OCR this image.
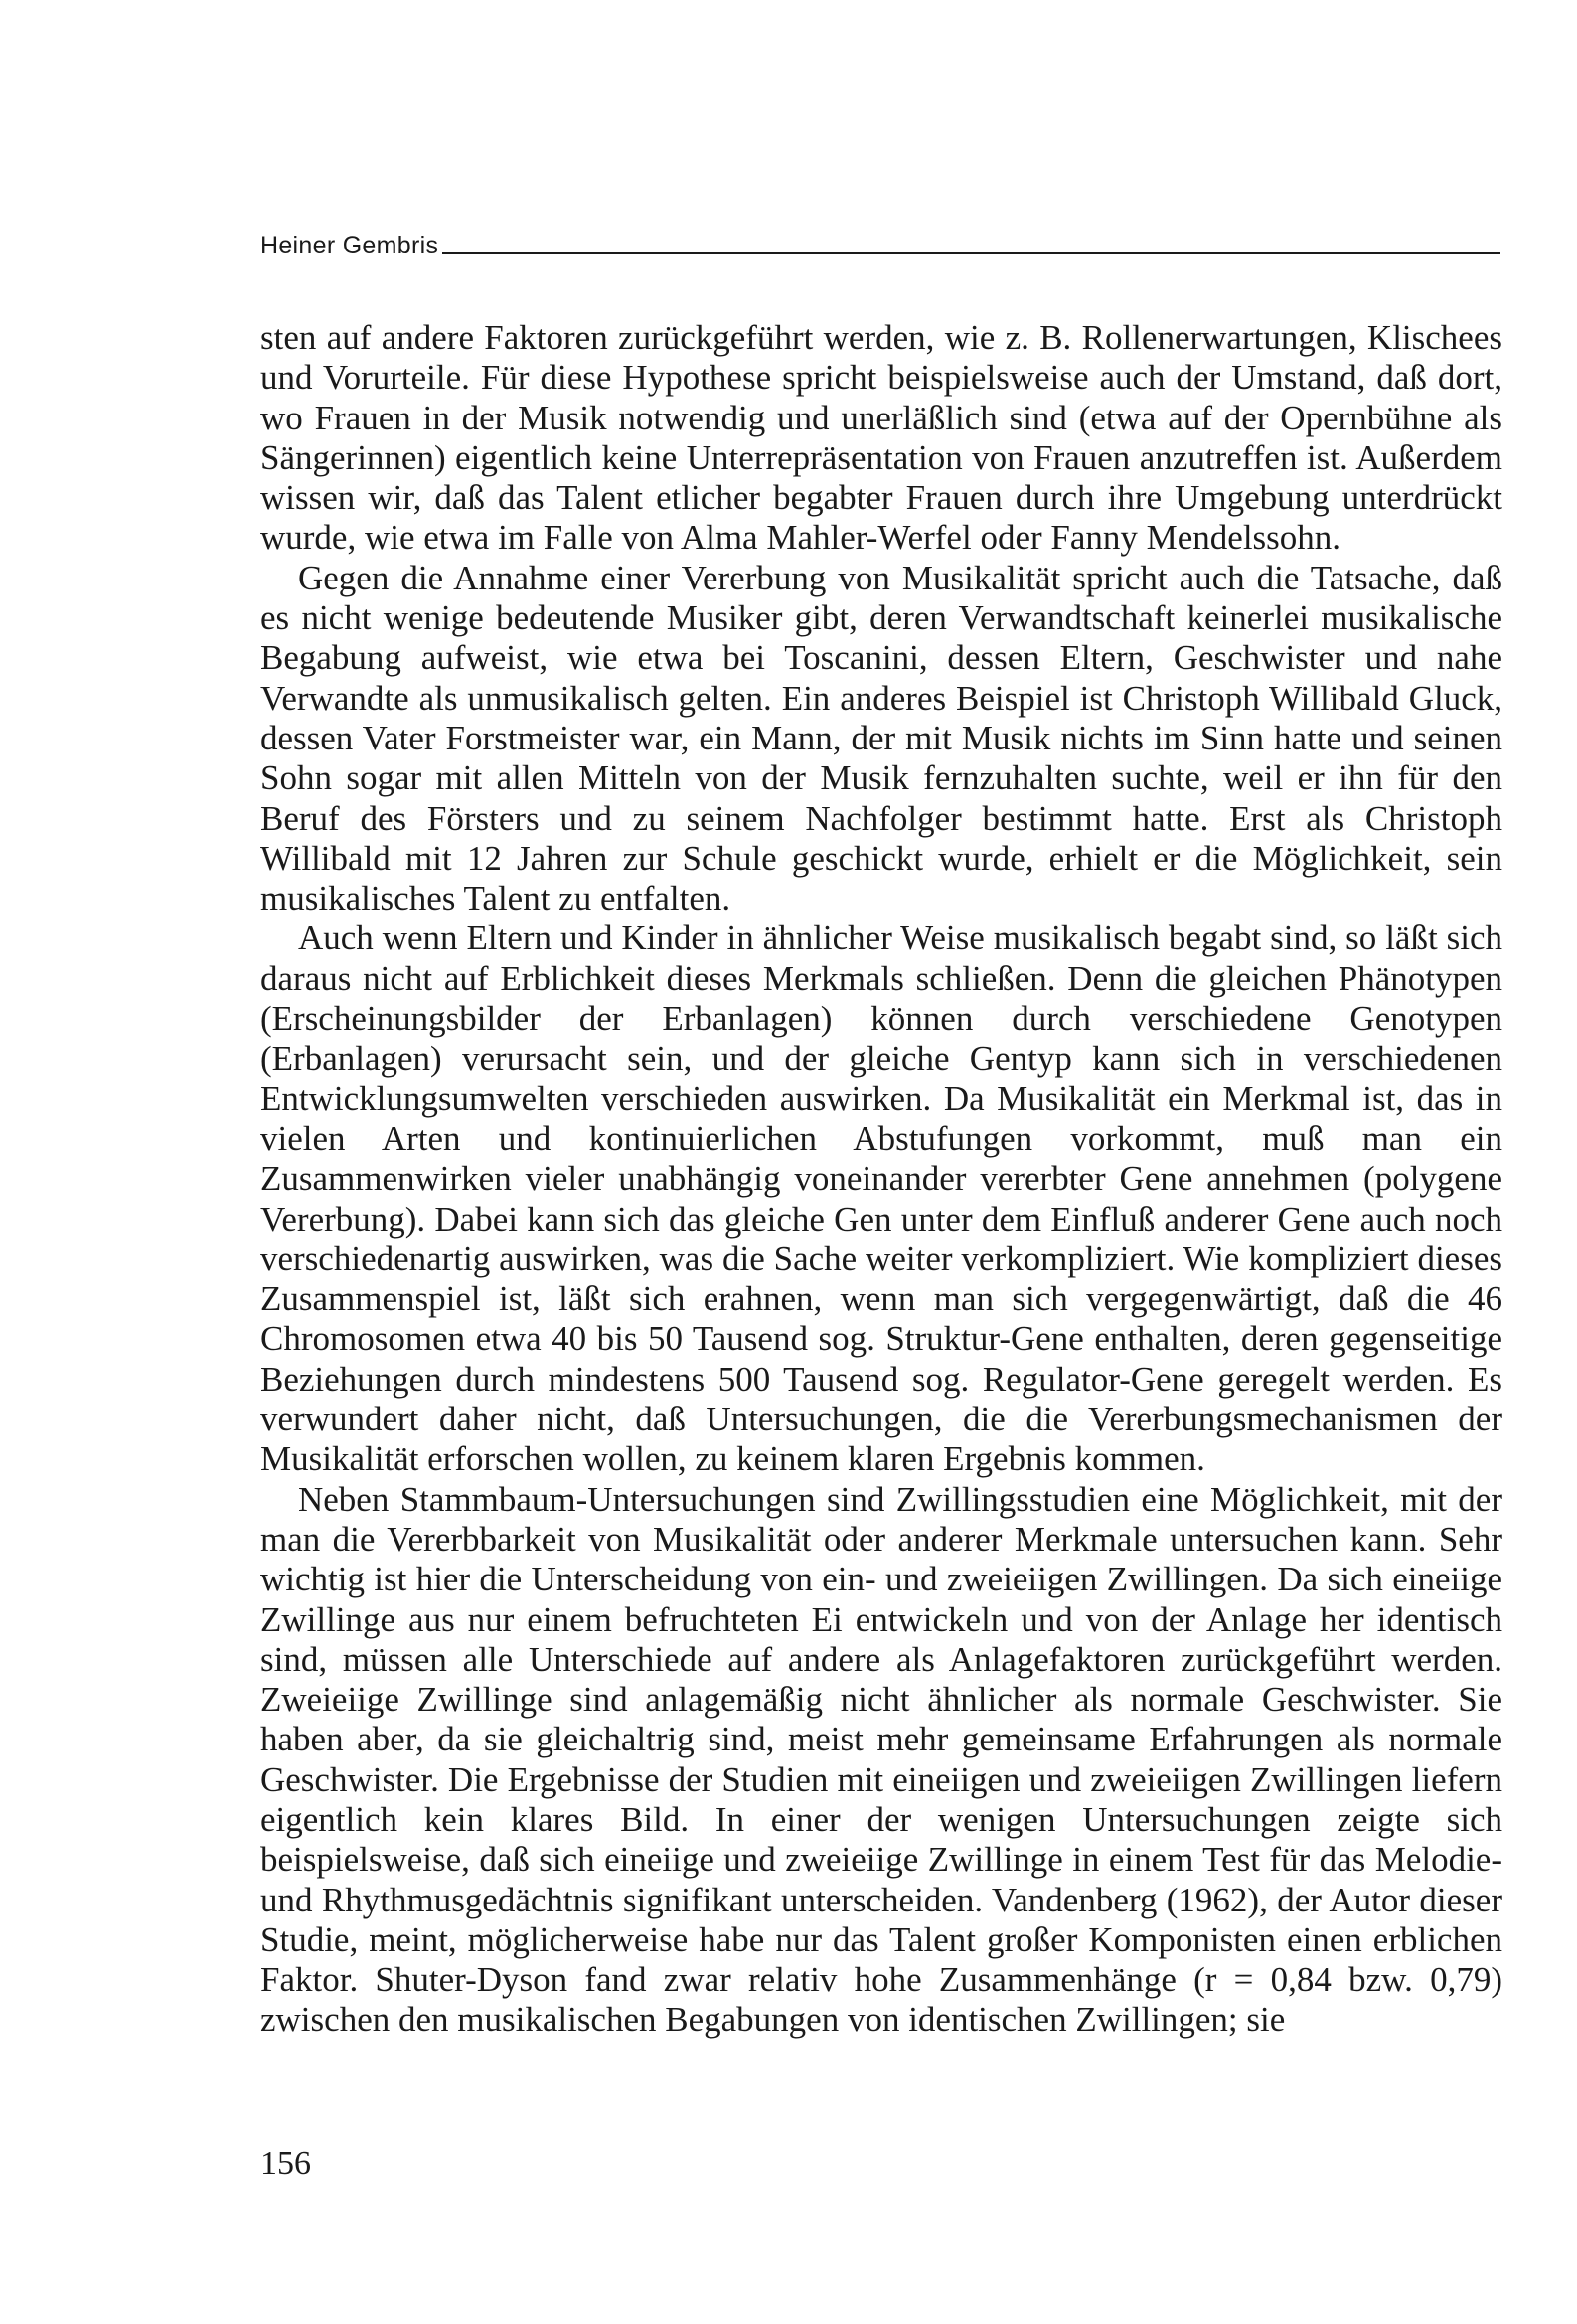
Heiner Gembris

sten auf andere Faktoren zurückgeführt werden, wie z. B. Rollenerwartungen, Klischees und Vorurteile. Für diese Hypothese spricht beispielsweise auch der Umstand, daß dort, wo Frauen in der Musik notwendig und unerläßlich sind (etwa auf der Opernbühne als Sängerinnen) eigentlich keine Unterrepräsentation von Frauen anzutreffen ist. Außerdem wissen wir, daß das Talent etlicher begabter Frauen durch ihre Umgebung unterdrückt wurde, wie etwa im Falle von Alma Mahler-Werfel oder Fanny Mendelssohn.

Gegen die Annahme einer Vererbung von Musikalität spricht auch die Tatsache, daß es nicht wenige bedeutende Musiker gibt, deren Verwandtschaft keinerlei musikalische Begabung aufweist, wie etwa bei Toscanini, dessen Eltern, Geschwister und nahe Verwandte als unmusikalisch gelten. Ein anderes Beispiel ist Christoph Willibald Gluck, dessen Vater Forstmeister war, ein Mann, der mit Musik nichts im Sinn hatte und seinen Sohn sogar mit allen Mitteln von der Musik fernzuhalten suchte, weil er ihn für den Beruf des Försters und zu seinem Nachfolger bestimmt hatte. Erst als Christoph Willibald mit 12 Jahren zur Schule geschickt wurde, erhielt er die Möglichkeit, sein musikalisches Talent zu entfalten.

Auch wenn Eltern und Kinder in ähnlicher Weise musikalisch begabt sind, so läßt sich daraus nicht auf Erblichkeit dieses Merkmals schließen. Denn die gleichen Phänotypen (Erscheinungsbilder der Erbanlagen) können durch verschiedene Genotypen (Erbanlagen) verursacht sein, und der gleiche Gentyp kann sich in verschiedenen Entwicklungsumwelten verschieden auswirken. Da Musikalität ein Merkmal ist, das in vielen Arten und kontinuierlichen Abstufungen vorkommt, muß man ein Zusammenwirken vieler unabhängig voneinander vererbter Gene annehmen (polygene Vererbung). Dabei kann sich das gleiche Gen unter dem Einfluß anderer Gene auch noch verschiedenartig auswirken, was die Sache weiter verkompliziert. Wie kompliziert dieses Zusammenspiel ist, läßt sich erahnen, wenn man sich vergegenwärtigt, daß die 46 Chromosomen etwa 40 bis 50 Tausend sog. Struktur-Gene enthalten, deren gegenseitige Beziehungen durch mindestens 500 Tausend sog. Regulator-Gene geregelt werden. Es verwundert daher nicht, daß Untersuchungen, die die Vererbungsmechanismen der Musikalität erforschen wollen, zu keinem klaren Ergebnis kommen.

Neben Stammbaum-Untersuchungen sind Zwillingsstudien eine Möglichkeit, mit der man die Vererbbarkeit von Musikalität oder anderer Merkmale untersuchen kann. Sehr wichtig ist hier die Unterscheidung von ein- und zweieiigen Zwillingen. Da sich eineiige Zwillinge aus nur einem befruchteten Ei entwickeln und von der Anlage her identisch sind, müssen alle Unterschiede auf andere als Anlagefaktoren zurückgeführt werden. Zweieiige Zwillinge sind anlagemäßig nicht ähnlicher als normale Geschwister. Sie haben aber, da sie gleichaltrig sind, meist mehr gemeinsame Erfahrungen als normale Geschwister. Die Ergebnisse der Studien mit eineiigen und zweieiigen Zwillingen liefern eigentlich kein klares Bild. In einer der wenigen Untersuchungen zeigte sich beispielsweise, daß sich eineiige und zweieiige Zwillinge in einem Test für das Melodie- und Rhythmusgedächtnis signifikant unterscheiden. Vandenberg (1962), der Autor dieser Studie, meint, möglicherweise habe nur das Talent großer Komponisten einen erblichen Faktor. Shuter-Dyson fand zwar relativ hohe Zusammenhänge (r = 0,84 bzw. 0,79) zwischen den musikalischen Begabungen von identischen Zwillingen; sie

156
